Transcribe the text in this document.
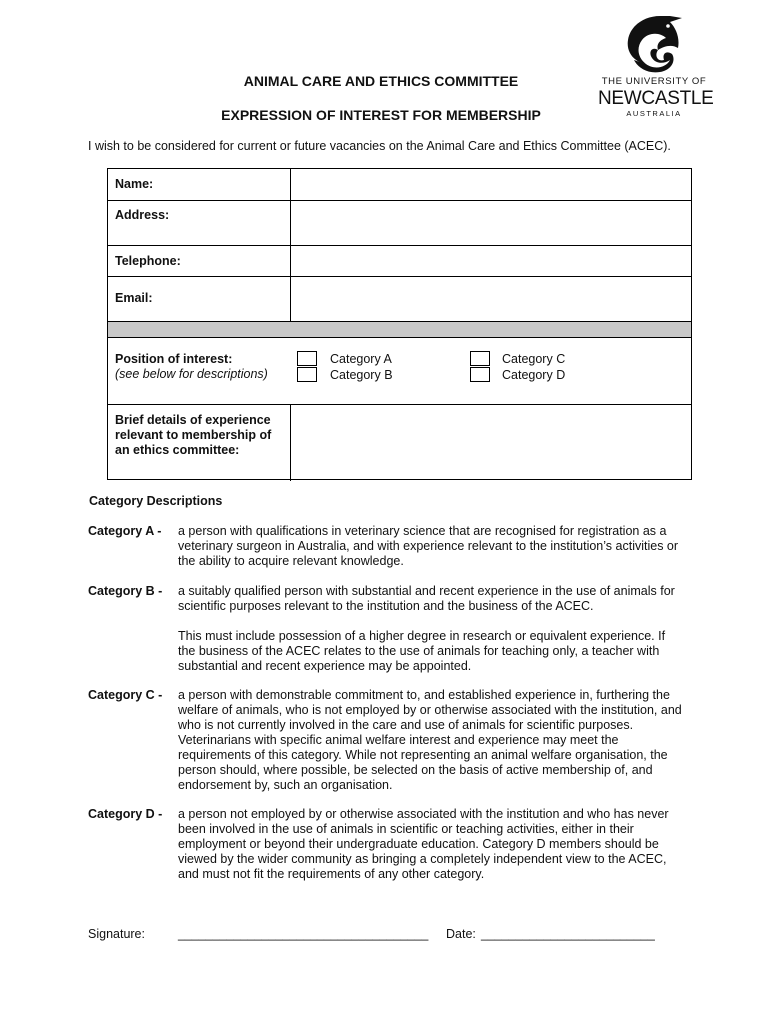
THE UNIVERSITY OF
NEWCASTLE
AUSTRALIA
ANIMAL CARE AND ETHICS COMMITTEE
EXPRESSION OF INTEREST FOR MEMBERSHIP
I wish to be considered for current or future vacancies on the Animal Care and Ethics Committee (ACEC).
Name:
Address:
Telephone:
Email:
Position of interest:
(see below for descriptions)
Category A
Category B
Category C
Category D
Brief details of experience relevant to membership of an ethics committee:
Category Descriptions
Category A - a person with qualifications in veterinary science that are recognised for registration as a veterinary surgeon in Australia, and with experience relevant to the institution’s activities or the ability to acquire relevant knowledge.
Category B - a suitably qualified person with substantial and recent experience in the use of animals for scientific purposes relevant to the institution and the business of the ACEC.
This must include possession of a higher degree in research or equivalent experience. If the business of the ACEC relates to the use of animals for teaching only, a teacher with substantial and recent experience may be appointed.
Category C - a person with demonstrable commitment to, and established experience in, furthering the welfare of animals, who is not employed by or otherwise associated with the institution, and who is not currently involved in the care and use of animals for scientific purposes. Veterinarians with specific animal welfare interest and experience may meet the requirements of this category. While not representing an animal welfare organisation, the person should, where possible, be selected on the basis of active membership of, and endorsement by, such an organisation.
Category D - a person not employed by or otherwise associated with the institution and who has never been involved in the use of animals in scientific or teaching activities, either in their employment or beyond their undergraduate education. Category D members should be viewed by the wider community as bringing a completely independent view to the ACEC, and must not fit the requirements of any other category.
Signature:	____________________________________ Date: _________________________
